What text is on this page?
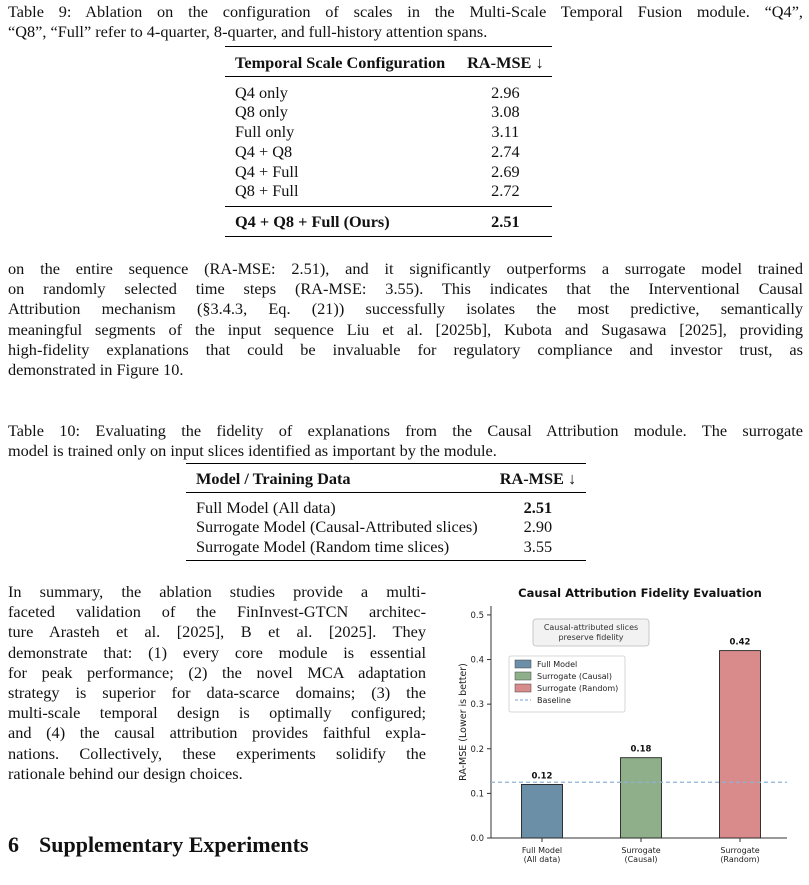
Table 9: Ablation on the configuration of scales in the Multi-Scale Temporal Fusion module. “Q4”,
“Q8”, “Full” refer to 4-quarter, 8-quarter, and full-history attention spans.
Temporal Scale Configuration	RA-MSE ↓
Q4 only	2.96
Q8 only	3.08
Full only	3.11
Q4 + Q8	2.74
Q4 + Full	2.69
Q8 + Full	2.72
Q4 + Q8 + Full (Ours)	2.51
on the entire sequence (RA-MSE: 2.51), and it significantly outperforms a surrogate model trained
on randomly selected time steps (RA-MSE: 3.55). This indicates that the Interventional Causal
Attribution mechanism (§3.4.3, Eq. (21)) successfully isolates the most predictive, semantically
meaningful segments of the input sequence Liu et al. [2025b], Kubota and Sugasawa [2025], providing
high-fidelity explanations that could be invaluable for regulatory compliance and investor trust, as
demonstrated in Figure 10.
Table 10: Evaluating the fidelity of explanations from the Causal Attribution module. The surrogate
model is trained only on input slices identified as important by the module.
Model / Training Data	RA-MSE ↓
Full Model (All data)	2.51
Surrogate Model (Causal-Attributed slices)	2.90
Surrogate Model (Random time slices)	3.55
In summary, the ablation studies provide a multi-
faceted validation of the FinInvest-GTCN architec-
ture Arasteh et al. [2025], B et al. [2025]. They
demonstrate that: (1) every core module is essential
for peak performance; (2) the novel MCA adaptation
strategy is superior for data-scarce domains; (3) the
multi-scale temporal design is optimally configured;
and (4) the causal attribution provides faithful expla-
nations. Collectively, these experiments solidify the
rationale behind our design choices.
6 Supplementary Experiments
Causal Attribution Fidelity Evaluation
0.0
0.1
0.2
0.3
0.4
0.5
RA-MSE (Lower is better)	0.12
Full Model
(All data)
0.18
Surrogate
(Causal)
0.42
Surrogate
(Random)
Causal-attributed slices
preserve fidelity
Full Model
Surrogate (Causal)
Surrogate (Random)
Baseline
